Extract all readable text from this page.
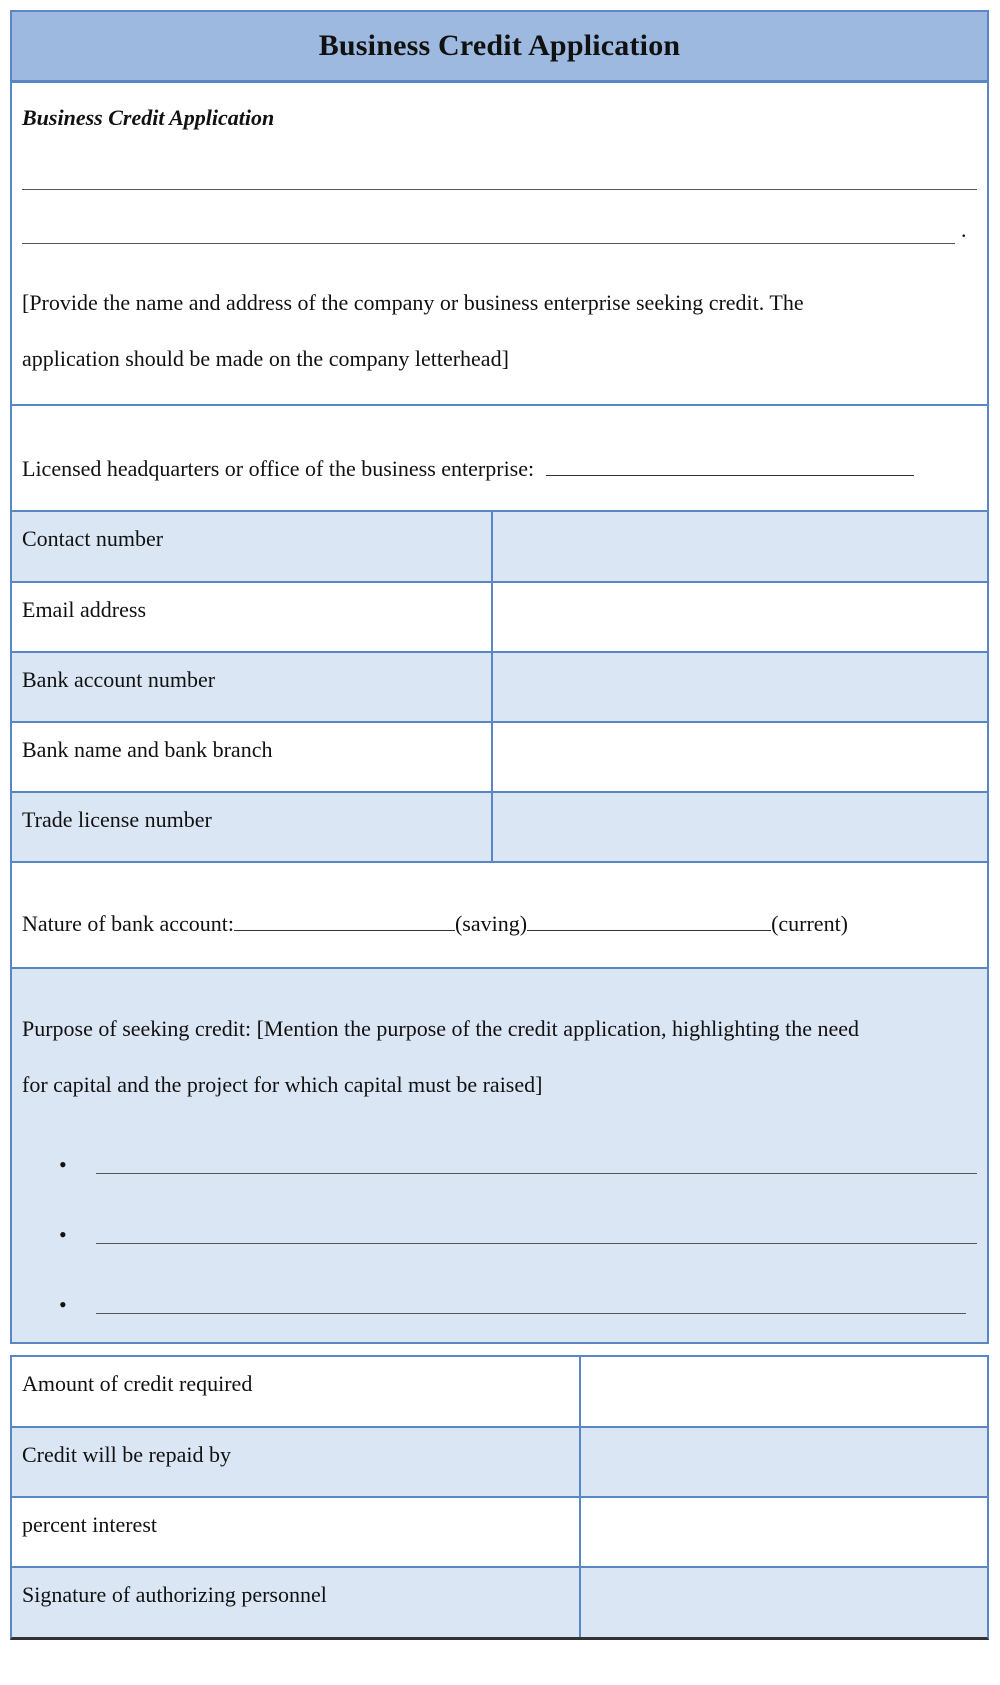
Business Credit Application
Business Credit Application
.
[Provide the name and address of the company or business enterprise seeking credit. The
application should be made on the company letterhead]
Licensed headquarters or office of the business enterprise:
Contact number	
Email address	
Bank account number	
Bank name and bank branch	
Trade license number	
Nature of bank account:	(saving)	(current)
Purpose of seeking credit: [Mention the purpose of the credit application, highlighting the need
for capital and the project for which capital must be raised]
•
•
•
Amount of credit required	
Credit will be repaid by	
percent interest	
Signature of authorizing personnel	
